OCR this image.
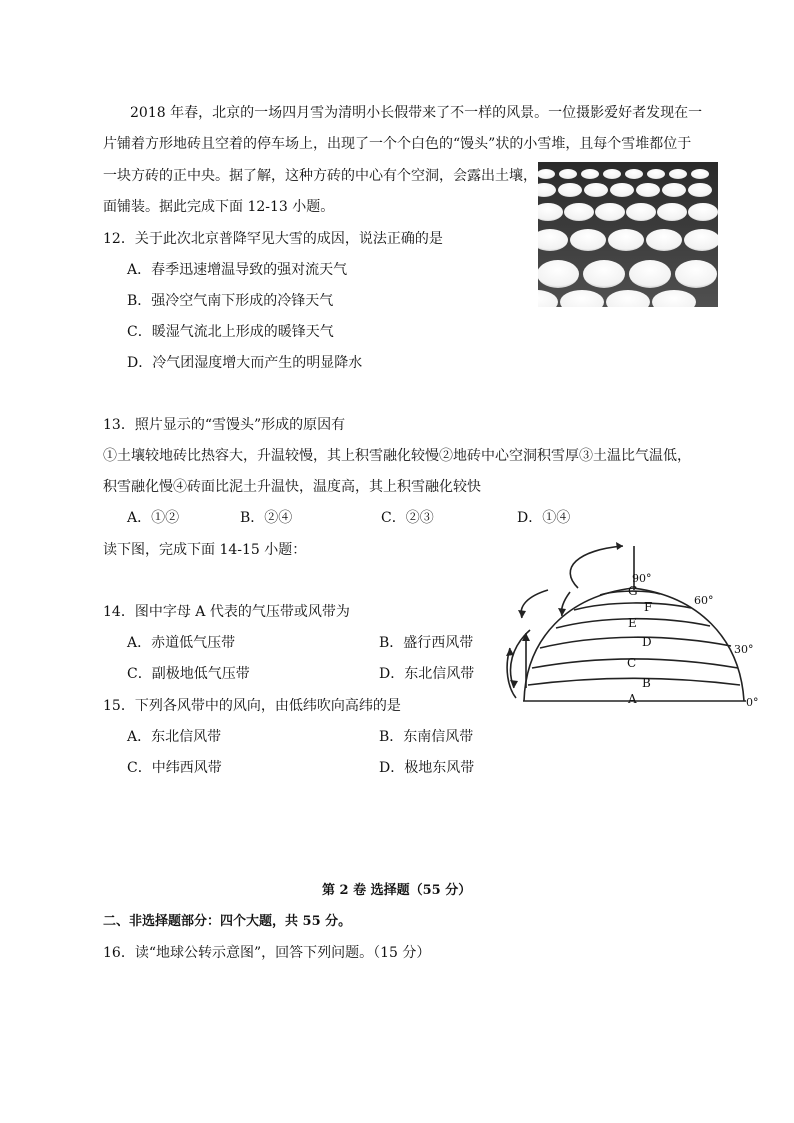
2018 年春，北京的一场四月雪为清明小长假带来了不一样的风景。一位摄影爱好者发现在一
片铺着方形地砖且空着的停车场上，出现了一个个白色的“馒头”状的小雪堆，且每个雪堆都位于
一块方砖的正中央。据了解，这种方砖的中心有个空洞，会露出土壤，
面铺装。据此完成下面 12-13 小题。
12．关于此次北京普降罕见大雪的成因，说法正确的是
A．春季迅速增温导致的强对流天气
B．强冷空气南下形成的冷锋天气
C．暖湿气流北上形成的暖锋天气
D．冷气团湿度增大而产生的明显降水
13．照片显示的“雪馒头”形成的原因有
①土壤较地砖比热容大，升温较慢，其上积雪融化较慢②地砖中心空洞积雪厚③土温比气温低，
积雪融化慢④砖面比泥土升温快，温度高，其上积雪融化较快
A．①②	B．②④	C．②③	D．①④
读下图，完成下面 14-15 小题：
G
F
E
D
C
B
A
90°
60°
30°
0°
14．图中字母 A 代表的气压带或风带为
A．赤道低气压带	B．盛行西风带
C．副极地低气压带	D．东北信风带
15．下列各风带中的风向，由低纬吹向高纬的是
A．东北信风带	B．东南信风带
C．中纬西风带	D．极地东风带
第 2 卷 选择题（55 分）
二、非选择题部分：四个大题，共 55 分。
16．读“地球公转示意图”，回答下列问题。（15 分）
